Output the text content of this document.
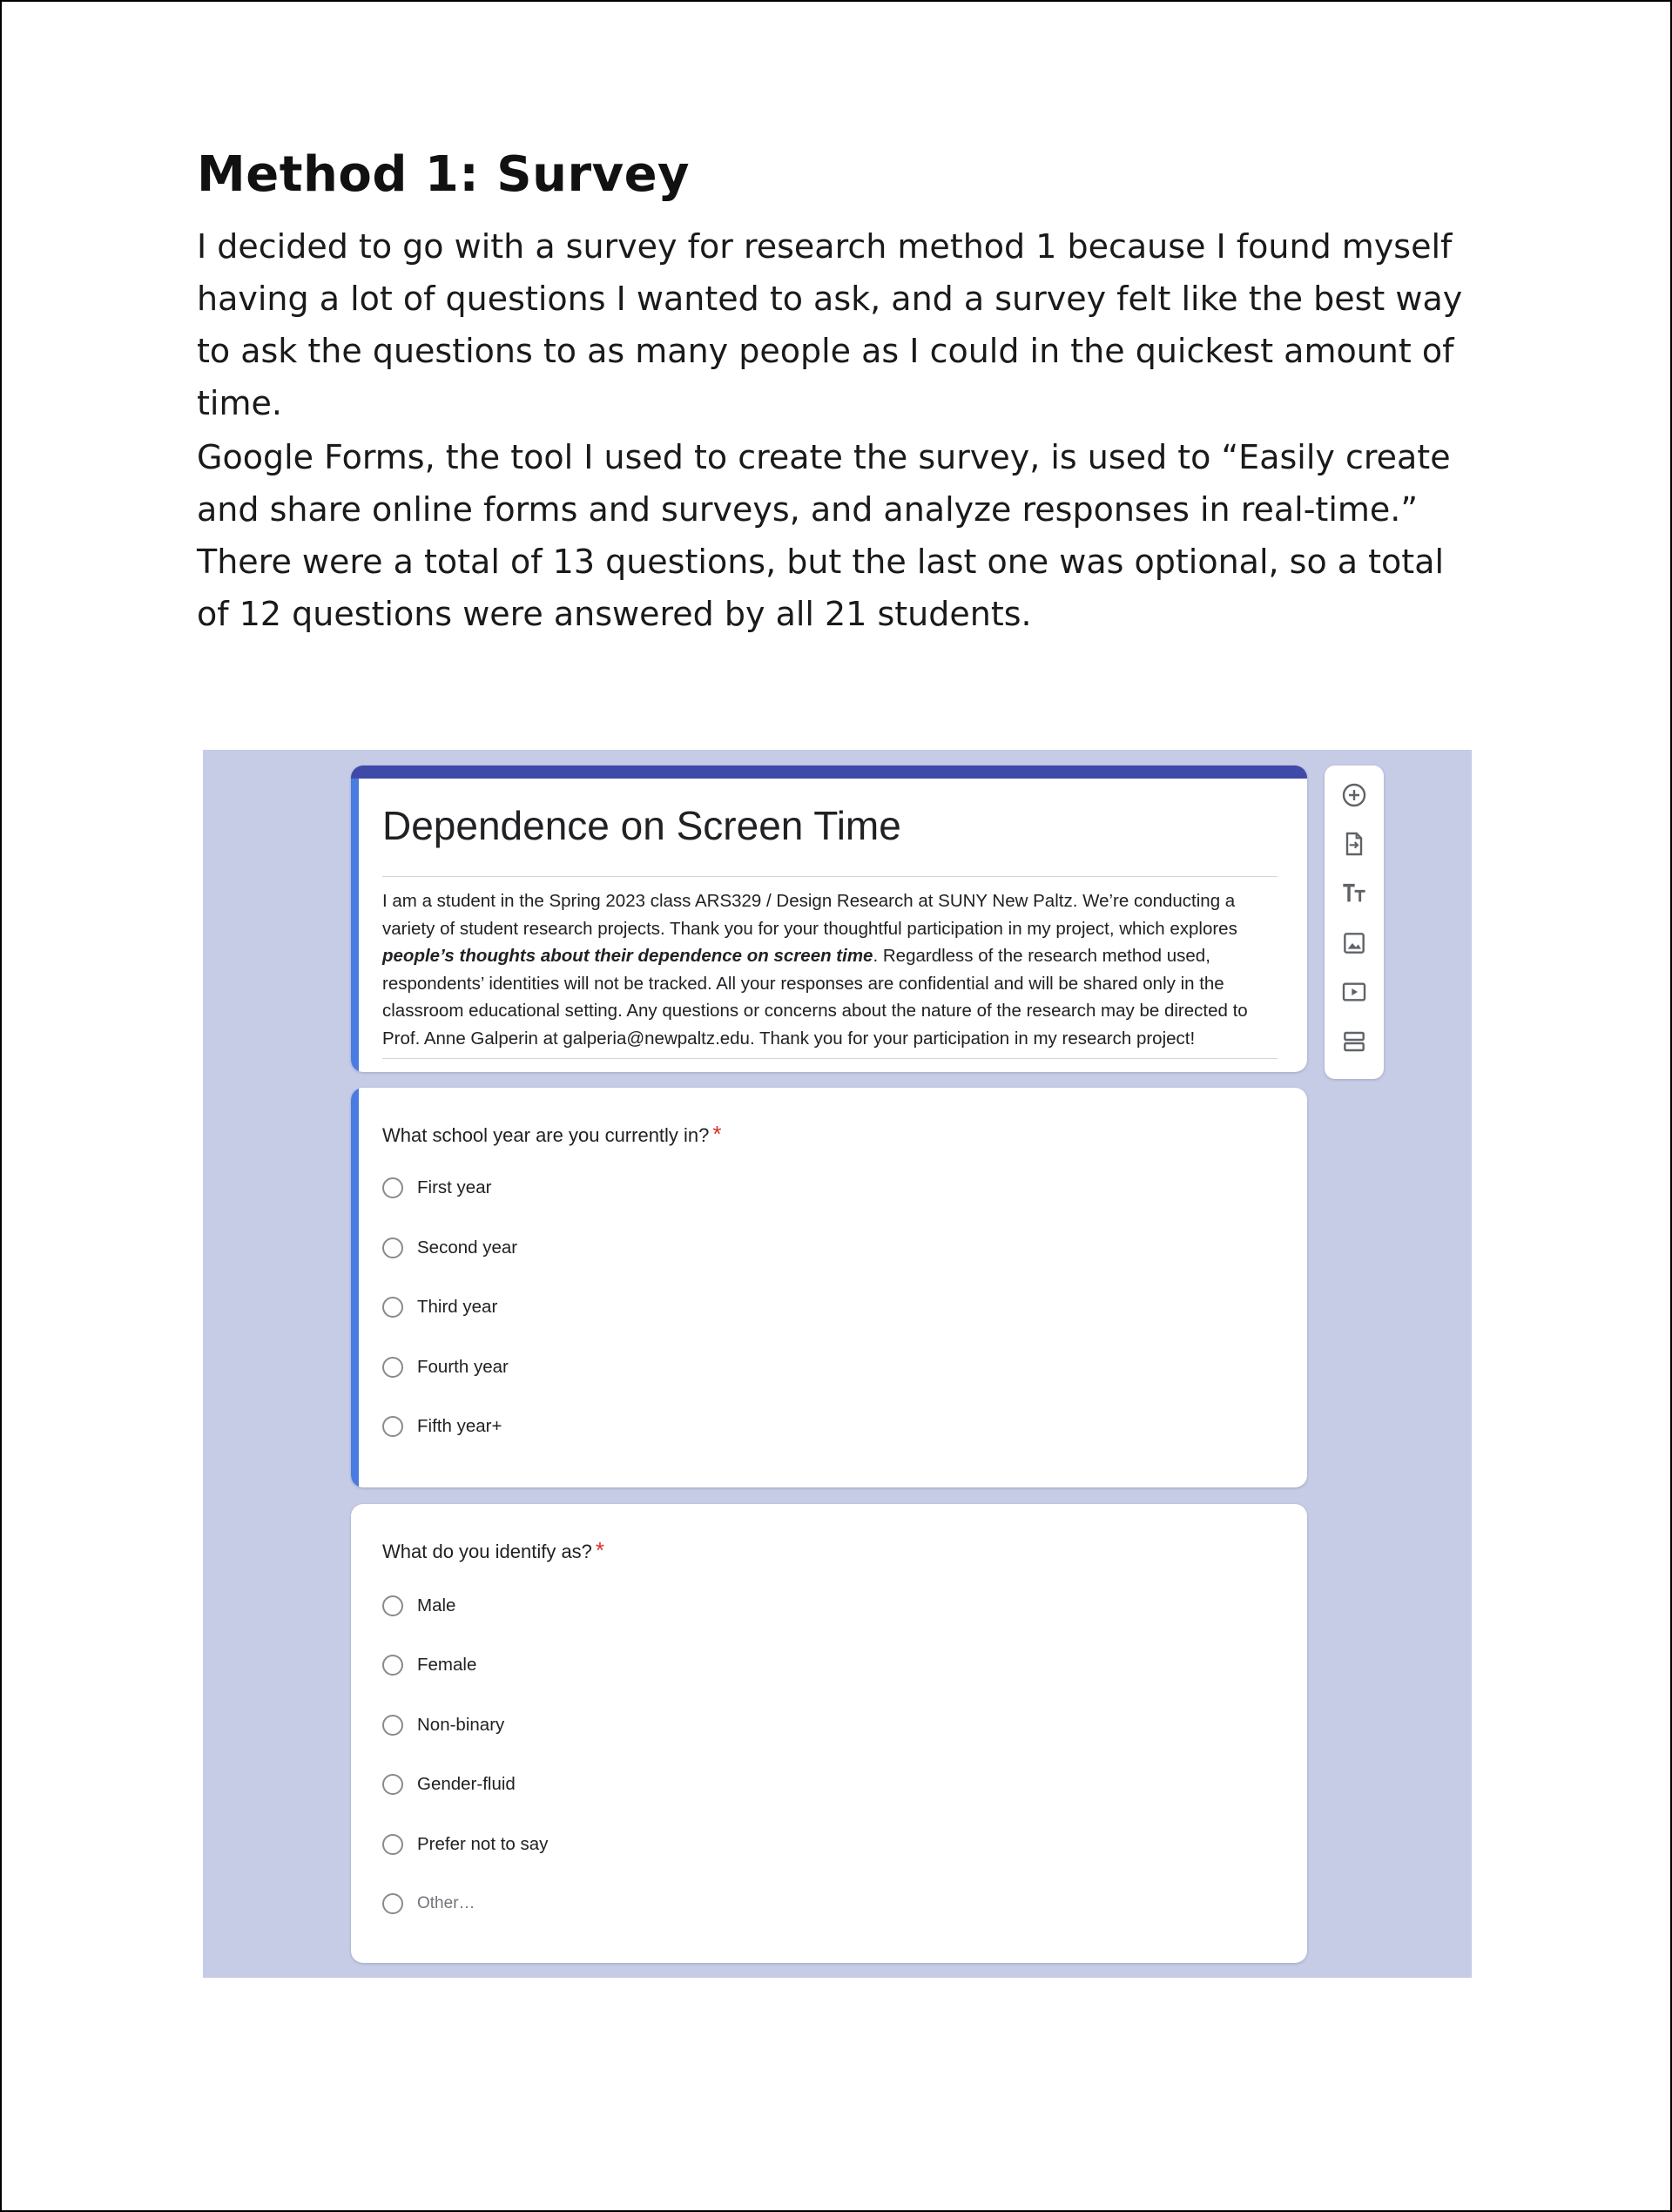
Method 1: Survey

I decided to go with a survey for research method 1 because I found myself having a lot of questions I wanted to ask, and a survey felt like the best way to ask the questions to as many people as I could in the quickest amount of time.

Google Forms, the tool I used to create the survey, is used to “Easily create and share online forms and surveys, and analyze responses in real-time.” There were a total of 13 questions, but the last one was optional, so a total of 12 questions were answered by all 21 students.

Dependence on Screen Time

I am a student in the Spring 2023 class ARS329 / Design Research at SUNY New Paltz. We’re conducting a variety of student research projects. Thank you for your thoughtful participation in my project, which explores people’s thoughts about their dependence on screen time. Regardless of the research method used, respondents’ identities will not be tracked. All your responses are confidential and will be shared only in the classroom educational setting. Any questions or concerns about the nature of the research may be directed to Prof. Anne Galperin at galperia@newpaltz.edu. Thank you for your participation in my research project!

What school year are you currently in? *

First year
Second year
Third year
Fourth year
Fifth year+

What do you identify as? *

Male
Female
Non-binary
Gender-fluid
Prefer not to say
Other…
